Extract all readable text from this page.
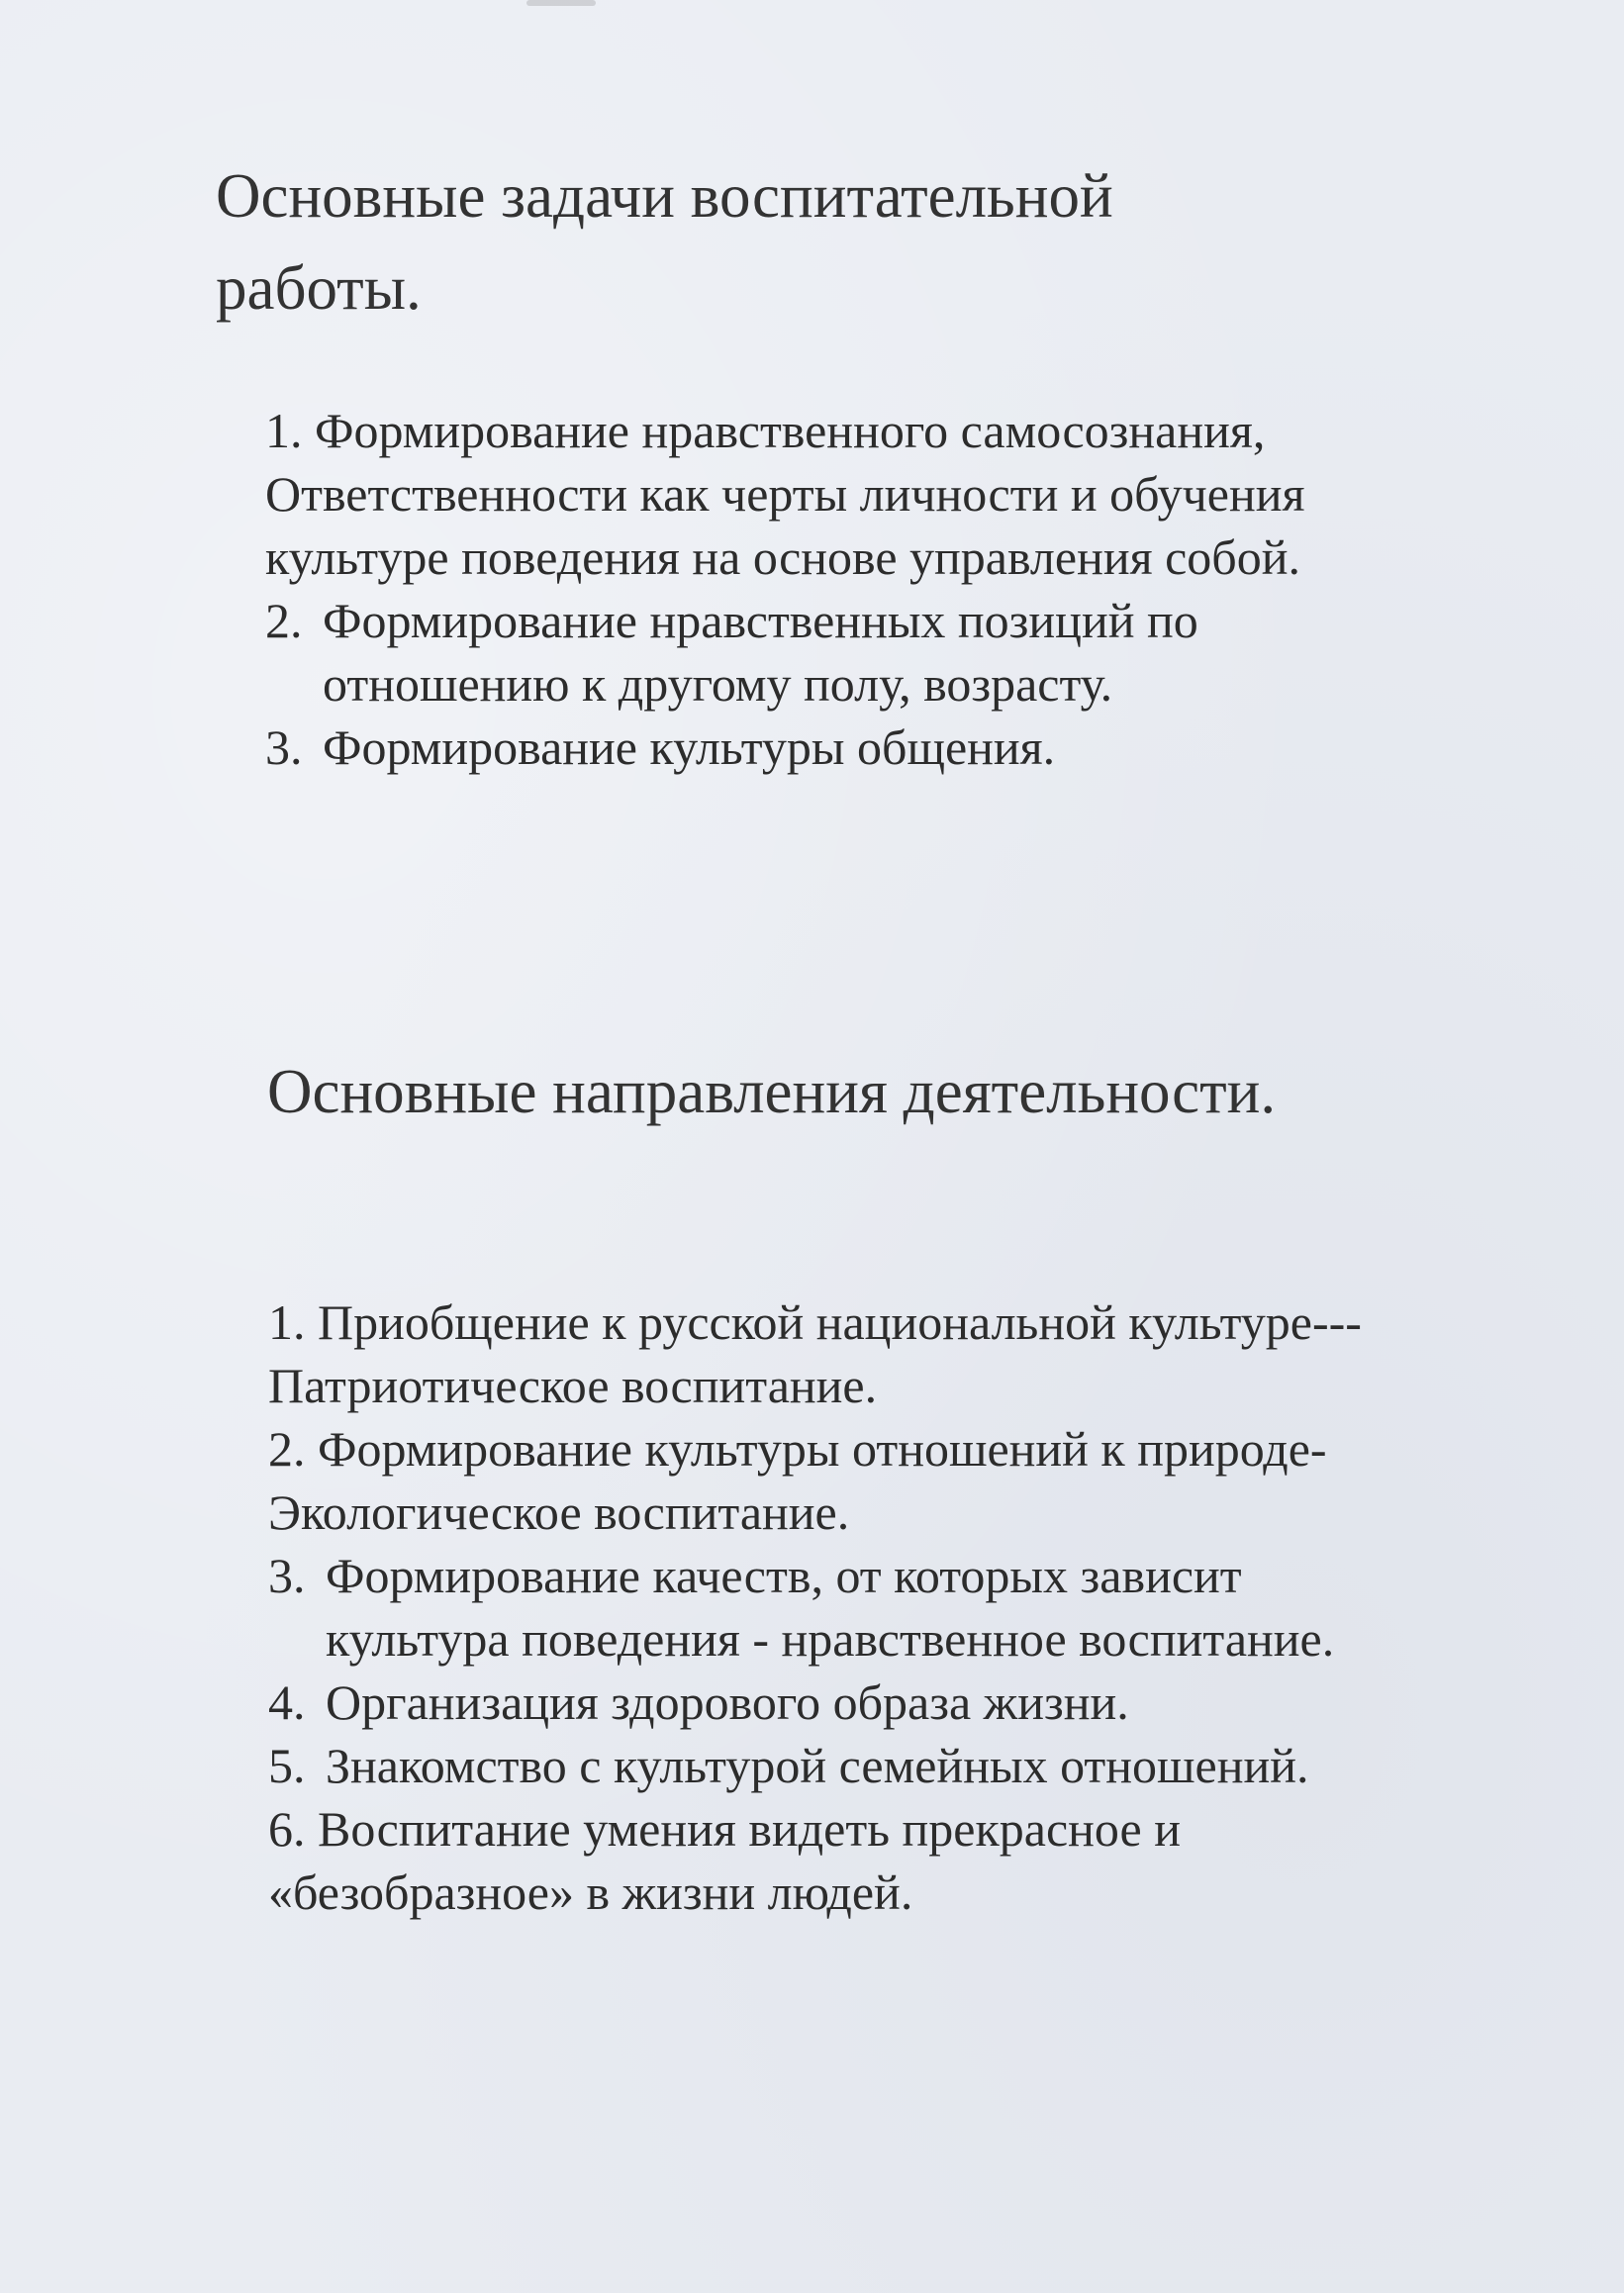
Основные задачи воспитательной
работы.
1. Формирование нравственного самосознания,
Ответственности как черты личности и обучения
культуре поведения на основе управления собой.
2. Формирование нравственных позиций по
отношению к другому полу, возрасту.
3. Формирование культуры общения.
Основные направления деятельности.
1. Приобщение к русской национальной культуре---
Патриотическое воспитание.
2. Формирование культуры отношений к природе-
Экологическое воспитание.
3. Формирование качеств, от которых зависит
культура поведения - нравственное воспитание.
4. Организация здорового образа жизни.
5. Знакомство с культурой семейных отношений.
6. Воспитание умения видеть прекрасное и
«безобразное» в жизни людей.
